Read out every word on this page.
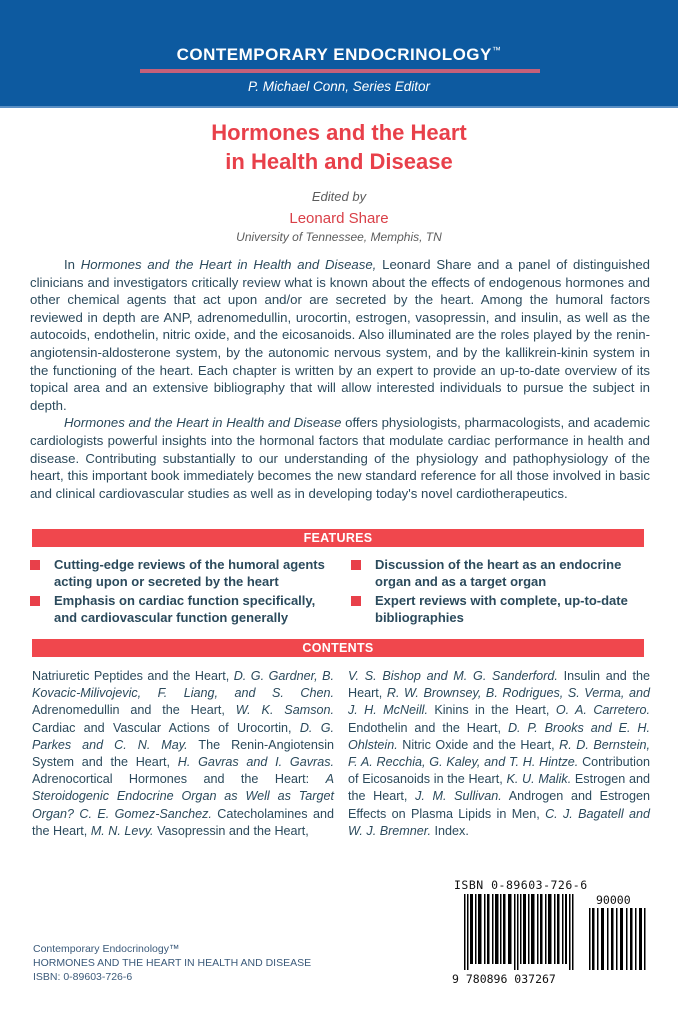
CONTEMPORARY ENDOCRINOLOGY™
P. Michael Conn, Series Editor
Hormones and the Heart
in Health and Disease
Edited by
Leonard Share
University of Tennessee, Memphis, TN

In Hormones and the Heart in Health and Disease, Leonard Share and a panel of distinguished clinicians and investigators critically review what is known about the effects of endogenous hormones and other chemical agents that act upon and/or are secreted by the heart. Among the humoral factors reviewed in depth are ANP, adrenomedullin, urocortin, estrogen, vasopressin, and insulin, as well as the autocoids, endothelin, nitric oxide, and the eicosanoids. Also illuminated are the roles played by the renin-angiotensin-aldosterone system, by the autonomic nervous system, and by the kallikrein-kinin system in the functioning of the heart. Each chapter is written by an expert to provide an up-to-date overview of its topical area and an extensive bibliography that will allow interested individuals to pursue the subject in depth.

Hormones and the Heart in Health and Disease offers physiologists, pharmacologists, and academic cardiologists powerful insights into the hormonal factors that modulate cardiac performance in health and disease. Contributing substantially to our understanding of the physiology and pathophysiology of the heart, this important book immediately becomes the new standard reference for all those involved in basic and clinical cardiovascular studies as well as in developing today's novel cardiotherapeutics.

FEATURES
Cutting-edge reviews of the humoral agents acting upon or secreted by the heart
Discussion of the heart as an endocrine organ and as a target organ
Emphasis on cardiac function specifically, and cardiovascular function generally
Expert reviews with complete, up-to-date bibliographies
CONTENTS
Natriuretic Peptides and the Heart, D. G. Gardner, B. Kovacic-Milivojevic, F. Liang, and S. Chen. Adrenomedullin and the Heart, W. K. Samson. Cardiac and Vascular Actions of Urocortin, D. G. Parkes and C. N. May. The Renin-Angiotensin System and the Heart, H. Gavras and I. Gavras. Adrenocortical Hormones and the Heart: A Steroidogenic Endocrine Organ as Well as Target Organ? C. E. Gomez-Sanchez. Catecholamines and the Heart, M. N. Levy. Vasopressin and the Heart,
V. S. Bishop and M. G. Sanderford. Insulin and the Heart, R. W. Brownsey, B. Rodrigues, S. Verma, and J. H. McNeill. Kinins in the Heart, O. A. Carretero. Endothelin and the Heart, D. P. Brooks and E. H. Ohlstein. Nitric Oxide and the Heart, R. D. Bernstein, F. A. Recchia, G. Kaley, and T. H. Hintze. Contribution of Eicosanoids in the Heart, K. U. Malik. Estrogen and the Heart, J. M. Sullivan. Androgen and Estrogen Effects on Plasma Lipids in Men, C. J. Bagatell and W. J. Bremner. Index.
ISBN 0-89603-726-6
90000
9 780896 037267
Contemporary Endocrinology™
HORMONES AND THE HEART IN HEALTH AND DISEASE
ISBN: 0-89603-726-6
